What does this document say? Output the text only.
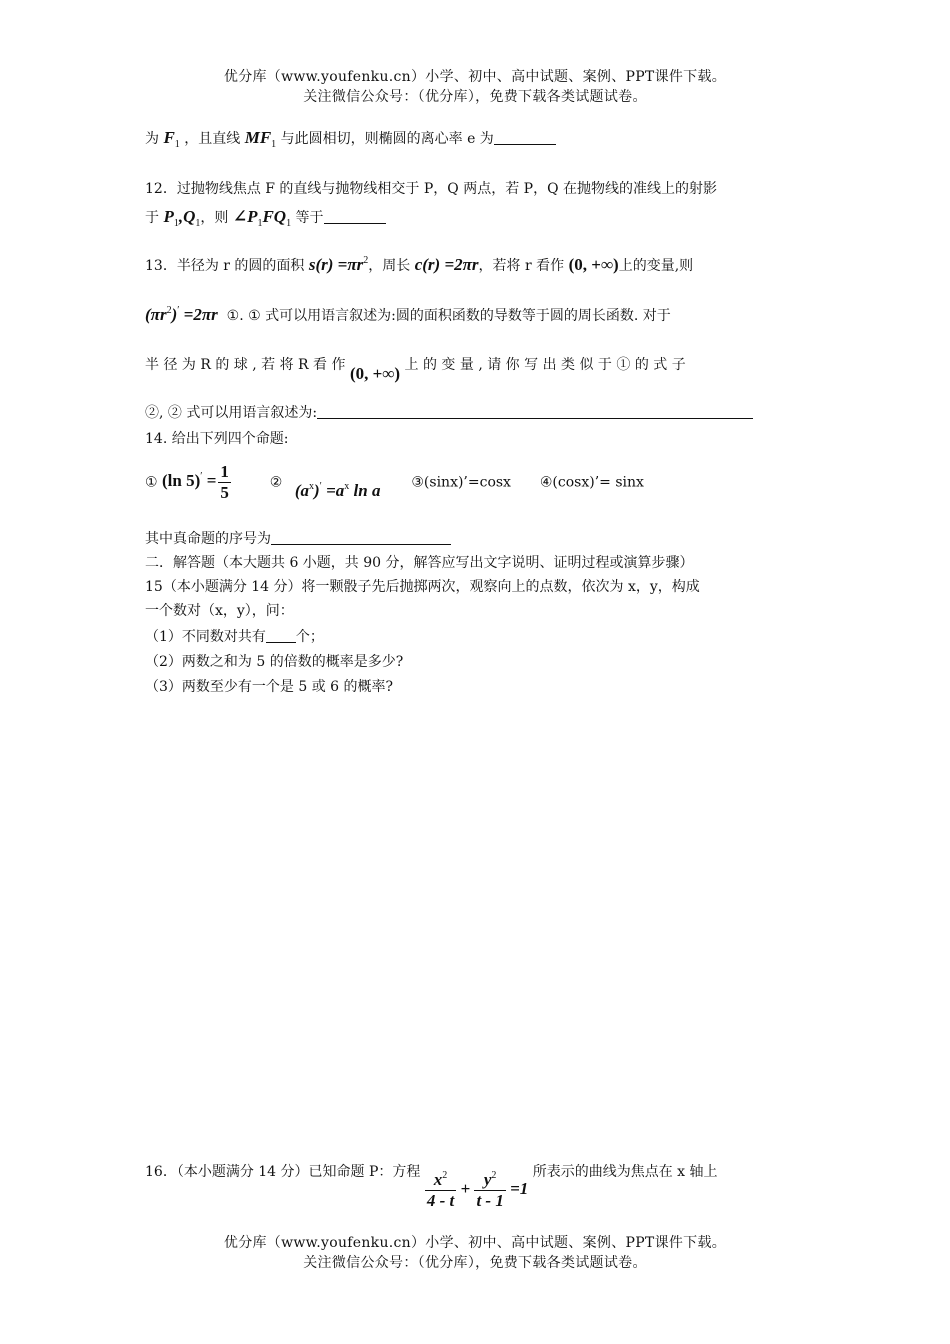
优分库（www.youfenku.cn）小学、初中、高中试题、案例、PPT课件下载。
关注微信公众号：（优分库），免费下载各类试题试卷。
为 $F_1$ ，且直线 $MF_1$ 与此圆相切，则椭圆的离心率 e 为
12．过抛物线焦点 F 的直线与抛物线相交于 P，Q 两点，若 P，Q 在抛物线的准线上的射影
于 $P_1,Q_1$，则 $\angle P_1FQ_1$ 等于
13．半径为 r 的圆的面积 $s(r) =\pi r^2$，周长 c(r) =2πr，若将 r 看作 (0, +∞)上的变量,则
$(\pi r^2)' =2\pi r$ ①. ① 式可以用语言叙述为:圆的面积函数的导数等于圆的周长函数. 对于
半 径 为 R 的 球 , 若 将 R 看 作 (0, +∞) 上 的 变 量 , 请 你 写 出 类 似 于 ① 的 式 子
②, ② 式可以用语言叙述为:
14. 给出下列四个命题:
① (ln $5)' = \frac{1}{5}$	② $(a^x)' =a^x$ ln a ③(sinx)’=cosx ④(cosx)’= sinx
其中真命题的序号为
二．解答题（本大题共 6 小题，共 90 分，解答应写出文字说明、证明过程或演算步骤）
15（本小题满分 14 分）将一颗骰子先后抛掷两次，观察向上的点数，依次为 x，y，构成
一个数对（x，y），问：
（1）不同数对共有 个；
（2）两数之和为 5 的倍数的概率是多少?
（3）两数至少有一个是 5 或 6 的概率?
16．（本小题满分 14 分）已知命题 P：方程 $\frac{x^2}{4 - t} + \frac{y^2}{t - 1} =1$ 所表示的曲线为焦点在 x 轴上
优分库（www.youfenku.cn）小学、初中、高中试题、案例、PPT课件下载。
关注微信公众号：（优分库），免费下载各类试题试卷。
